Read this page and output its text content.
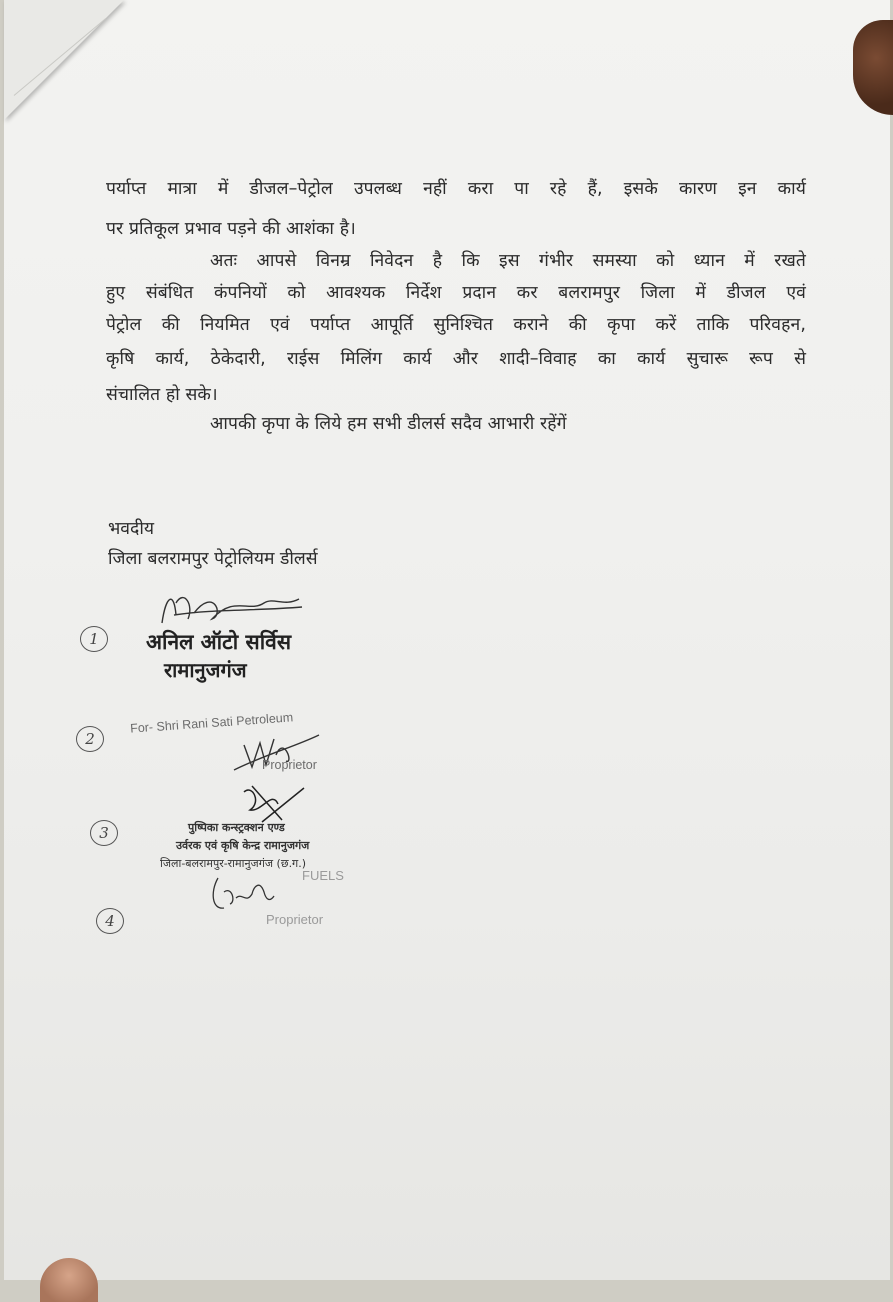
पर्याप्त मात्रा में डीजल–पेट्रोल उपलब्ध नहीं करा पा रहे हैं, इसके कारण इन कार्य
पर प्रतिकूल प्रभाव पड़ने की आशंका है।
अतः आपसे विनम्र निवेदन है कि इस गंभीर समस्या को ध्यान में रखते
हुए संबंधित कंपनियों को आवश्यक निर्देश प्रदान कर बलरामपुर जिला में डीजल एवं
पेट्रोल की नियमित एवं पर्याप्त आपूर्ति सुनिश्चित कराने की कृपा करें ताकि परिवहन,
कृषि कार्य, ठेकेदारी, राईस मिलिंग कार्य और शादी–विवाह का कार्य सुचारू रूप से
संचालित हो सके।
आपकी कृपा के लिये हम सभी डीलर्स सदैव आभारी रहेंगें
भवदीय
जिला बलरामपुर पेट्रोलियम डीलर्स
1	अनिल ऑटो सर्विस
रामानुजगंज
2
For- Shri Rani Sati Petroleum
Proprietor
3	पुष्पिका कन्स्ट्रक्शन एण्ड
उर्वरक एवं कृषि केन्द्र रामानुजगंज
जिला-बलरामपुर-रामानुजगंज (छ.ग.)
FUELS
4	Proprietor
